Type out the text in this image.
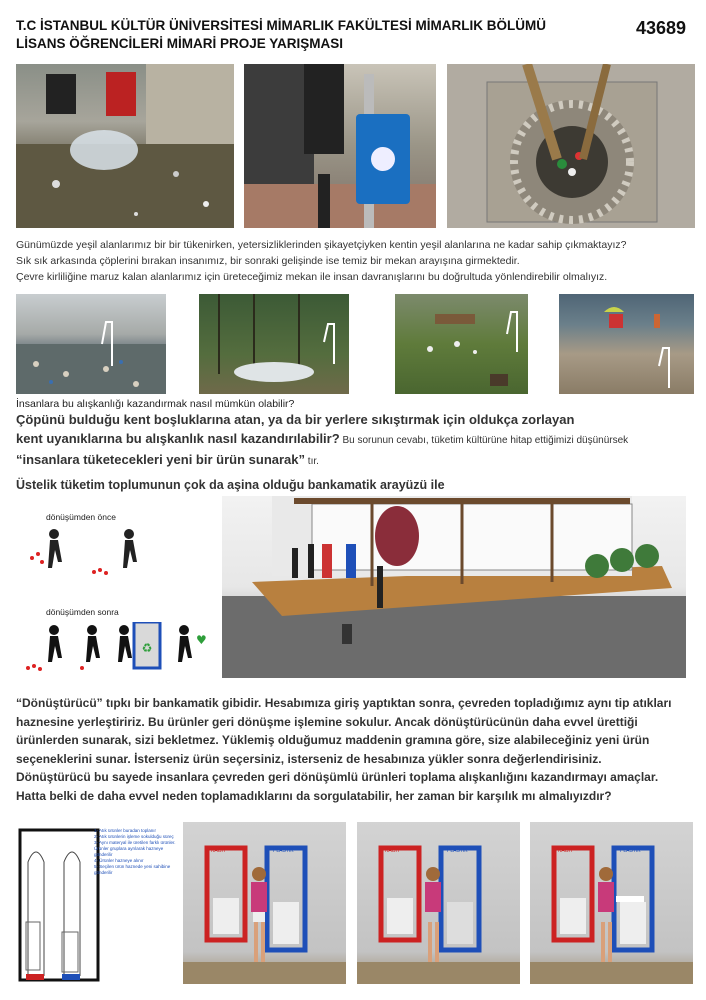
T.C İSTANBUL KÜLTÜR ÜNİVERSİTESİ MİMARLIK FAKÜLTESİ MİMARLIK BÖLÜMÜ
LİSANS ÖĞRENCİLERİ MİMARİ PROJE YARIŞMASI
43689
Günümüzde yeşil alanlarımız bir bir tükenirken, yetersizliklerinden şikayetçiyken kentin yeşil alanlarına ne kadar sahip çıkmaktayız?
Sık sık arkasında çöplerini bırakan insanımız, bir sonraki gelişinde ise temiz bir mekan arayışına girmektedir.
Çevre kirliliğine maruz kalan alanlarımız için üreteceğimiz mekan ile insan davranışlarını bu doğrultuda yönlendirebilir olmalıyız.
İnsanlara bu alışkanlığı kazandırmak nasıl mümkün olabilir?
Çöpünü bulduğu kent boşluklarına atan, ya da bir yerlere sıkıştırmak için oldukça zorlayan
kent uyanıklarına bu alışkanlık nasıl kazandırılabilir? Bu sorunun cevabı, tüketim kültürüne hitap ettiğimizi düşünürsek
“insanlara tüketecekleri yeni bir ürün sunarak” tır.
Üstelik tüketim toplumunun çok da aşina olduğu bankamatik arayüzü ile
dönüşümden önce
dönüşümden sonra
♻
♥
“Dönüştürücü” tıpkı bir bankamatik gibidir. Hesabımıza giriş yaptıktan sonra, çevreden topladığımız aynı tip atıkları
haznesine yerleştiririz. Bu ürünler geri dönüşme işlemine sokulur. Ancak dönüştürücünün daha evvel ürettiği
ürünlerden sunarak, sizi bekletmez. Yüklemiş olduğumuz maddenin gramına göre, size alabileceğiniz yeni ürün
seçeneklerini sunar. İsterseniz ürün seçersiniz, isterseniz de hesabınıza yükler sonra değerlendirisiniz.
Dönüştürücü bu sayede insanlara çevreden geri dönüşümlü ürünleri toplama alışkanlığını kazandırmayı amaçlar.
Hatta belki de daha evvel neden toplamadıklarını da sorgulatabilir, her zaman bir karşılık mı almalıyızdır?
1- Atık ürünler buradan toplanır
2- Atık ürünlerin işleme sokulduğu süreç
3- Aynı materyal ile üretilen farklı ürünler.
Ürünler gruplara ayrılarak hazneye gönderilir
4- Ürünler hazneye alınır
5- Seçilen ürün haznede yeni sahibine gönderilir
KAĞIT	PLASTİK	KAĞIT	PLASTİK	KAĞIT	PLASTİK
